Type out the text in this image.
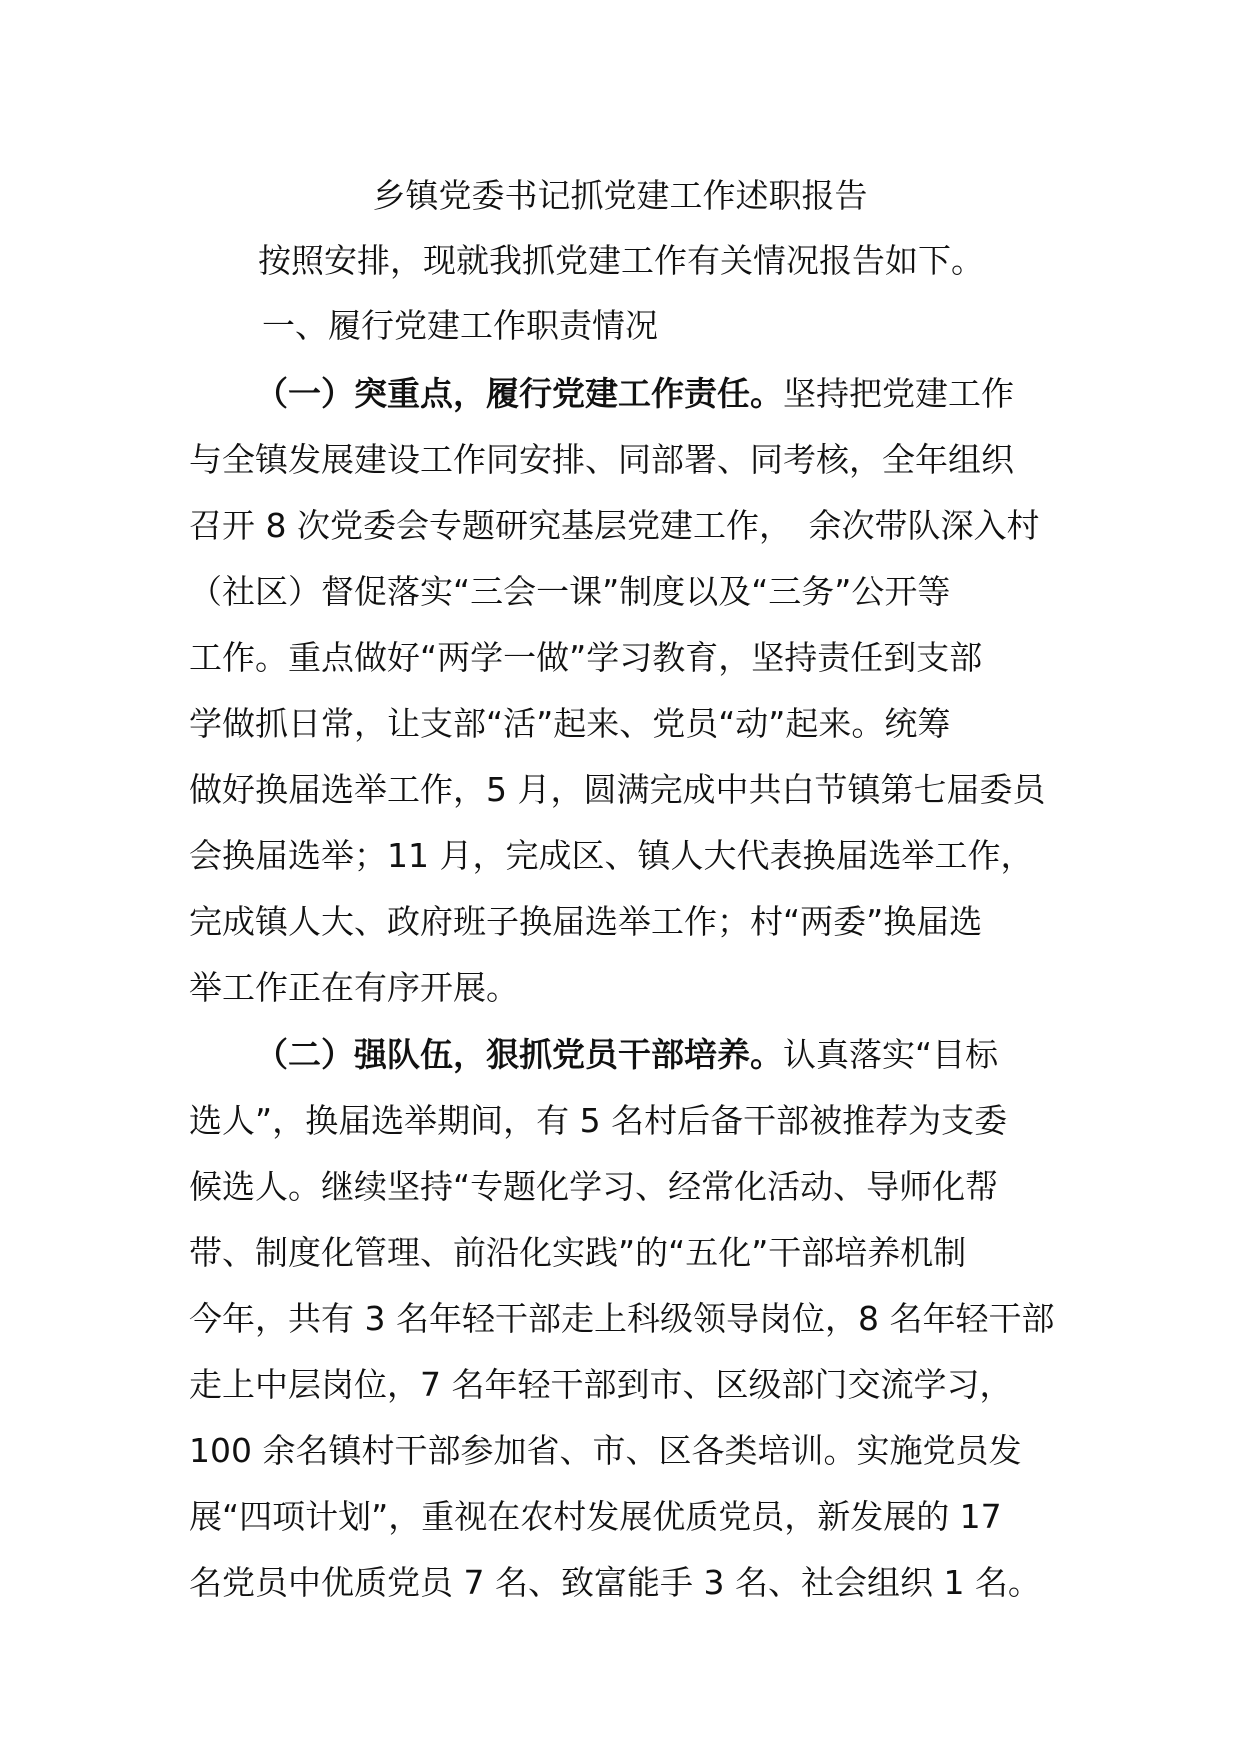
乡镇党委书记抓党建工作述职报告
按照安排，现就我抓党建工作有关情况报告如下。
一、履行党建工作职责情况
（一）突重点，履行党建工作责任。坚持把党建工作
与全镇发展建设工作同安排、同部署、同考核，全年组织
召开 8 次党委会专题研究基层党建工作，　余次带队深入村
（社区）督促落实“三会一课”制度以及“三务”公开等
工作。重点做好“两学一做”学习教育，坚持责任到支部
学做抓日常，让支部“活”起来、党员“动”起来。统筹
做好换届选举工作，5 月，圆满完成中共白节镇第七届委员
会换届选举；11 月，完成区、镇人大代表换届选举工作，
完成镇人大、政府班子换届选举工作；村“两委”换届选
举工作正在有序开展。
（二）强队伍，狠抓党员干部培养。认真落实“目标
选人”，换届选举期间，有 5 名村后备干部被推荐为支委
候选人。继续坚持“专题化学习、经常化活动、导师化帮
带、制度化管理、前沿化实践”的“五化”干部培养机制
今年，共有 3 名年轻干部走上科级领导岗位，8 名年轻干部
走上中层岗位，7 名年轻干部到市、区级部门交流学习，
100 余名镇村干部参加省、市、区各类培训。实施党员发
展“四项计划”，重视在农村发展优质党员，新发展的 17
名党员中优质党员 7 名、致富能手 3 名、社会组织 1 名。
